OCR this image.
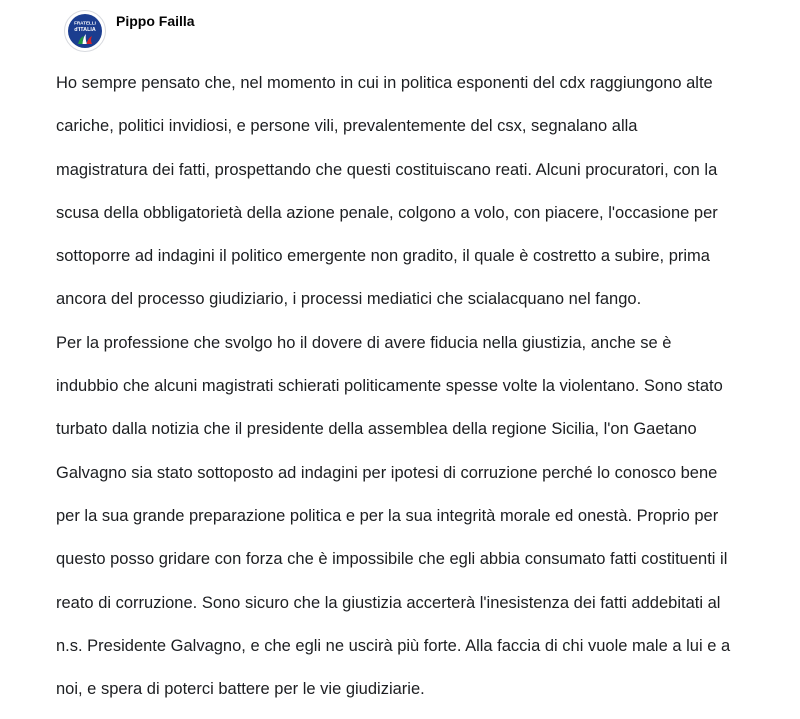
FRATELLI
d'ITALIA
Pippo Failla

Ho sempre pensato che, nel momento in cui in politica esponenti del cdx raggiungono alte

cariche, politici invidiosi, e persone vili, prevalentemente del csx, segnalano alla

magistratura dei fatti, prospettando che questi costituiscano reati. Alcuni procuratori, con la

scusa della obbligatorietà della azione penale, colgono a volo, con piacere, l'occasione per

sottoporre ad indagini il politico emergente non gradito, il quale è costretto a subire, prima

ancora del processo giudiziario, i processi mediatici che scialacquano nel fango.

Per la professione che svolgo ho il dovere di avere fiducia nella giustizia, anche se è

indubbio che alcuni magistrati schierati politicamente spesse volte la violentano. Sono stato

turbato dalla notizia che il presidente della assemblea della regione Sicilia, l'on Gaetano

Galvagno sia stato sottoposto ad indagini per ipotesi di corruzione perché lo conosco bene

per la sua grande preparazione politica e per la sua integrità morale ed onestà. Proprio per

questo posso gridare con forza che è impossibile che egli abbia consumato fatti costituenti il

reato di corruzione. Sono sicuro che la giustizia accerterà l'inesistenza dei fatti addebitati al

n.s. Presidente Galvagno, e che egli ne uscirà più forte. Alla faccia di chi vuole male a lui e a

noi, e spera di poterci battere per le vie giudiziarie.
